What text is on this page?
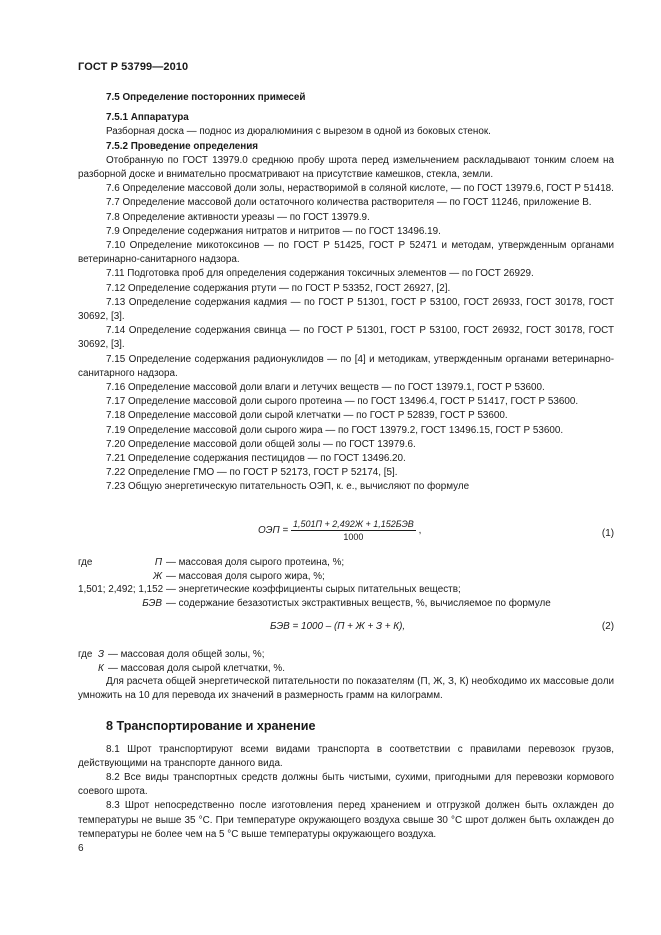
ГОСТ Р 53799—2010

7.5 Определение посторонних примесей

7.5.1 Аппаратура

Разборная доска — поднос из дюралюминия с вырезом в одной из боковых стенок.

7.5.2 Проведение определения

Отобранную по ГОСТ 13979.0 среднюю пробу шрота перед измельчением раскладывают тонким слоем на разборной доске и внимательно просматривают на присутствие камешков, стекла, земли.

7.6 Определение массовой доли золы, нерастворимой в соляной кислоте, — по ГОСТ 13979.6, ГОСТ Р 51418.

7.7 Определение массовой доли остаточного количества растворителя — по ГОСТ 11246, приложение В.

7.8 Определение активности уреазы — по ГОСТ 13979.9.

7.9 Определение содержания нитратов и нитритов — по ГОСТ 13496.19.

7.10 Определение микотоксинов — по ГОСТ Р 51425, ГОСТ Р 52471 и методам, утвержденным органами ветеринарно-санитарного надзора.

7.11 Подготовка проб для определения содержания токсичных элементов — по ГОСТ 26929.

7.12 Определение содержания ртути — по ГОСТ Р 53352, ГОСТ 26927, [2].

7.13 Определение содержания кадмия — по ГОСТ Р 51301, ГОСТ Р 53100, ГОСТ 26933, ГОСТ 30178, ГОСТ 30692, [3].

7.14 Определение содержания свинца — по ГОСТ Р 51301, ГОСТ Р 53100, ГОСТ 26932, ГОСТ 30178, ГОСТ 30692, [3].

7.15 Определение содержания радионуклидов — по [4] и методикам, утвержденным органами ветеринарно-санитарного надзора.

7.16 Определение массовой доли влаги и летучих веществ — по ГОСТ 13979.1, ГОСТ Р 53600.

7.17 Определение массовой доли сырого протеина — по ГОСТ 13496.4, ГОСТ Р 51417, ГОСТ Р 53600.

7.18 Определение массовой доли сырой клетчатки — по ГОСТ Р 52839, ГОСТ Р 53600.

7.19 Определение массовой доли сырого жира — по ГОСТ 13979.2, ГОСТ 13496.15, ГОСТ Р 53600.

7.20 Определение массовой доли общей золы — по ГОСТ 13979.6.

7.21 Определение содержания пестицидов — по ГОСТ 13496.20.

7.22 Определение ГМО — по ГОСТ Р 52173, ГОСТ Р 52174, [5].

7.23 Общую энергетическую питательность ОЭП, к. е., вычисляют по формуле

ОЭП = $\frac{\text{1,501П + 2,492Ж + 1,152БЭВ}}{1000}$ ,	(1)
где	П — массовая доля сырого протеина, %;
Ж — массовая доля сырого жира, %;
1,501; 2,492; 1,152 — энергетические коэффициенты сырых питательных веществ;
БЭВ — содержание безазотистых экстрактивных веществ, %, вычисляемое по формуле
БЭВ = 1000 – (П + Ж + З + К),	(2)
где З — массовая доля общей золы, %;
К — массовая доля сырой клетчатки, %.

Для расчета общей энергетической питательности по показателям (П, Ж, З, К) необходимо их массовые доли умножить на 10 для перевода их значений в размерность грамм на килограмм.

8 Транспортирование и хранение

8.1 Шрот транспортируют всеми видами транспорта в соответствии с правилами перевозок грузов, действующими на транспорте данного вида.

8.2 Все виды транспортных средств должны быть чистыми, сухими, пригодными для перевозки кормового соевого шрота.

8.3 Шрот непосредственно после изготовления перед хранением и отгрузкой должен быть охлажден до температуры не выше 35 °С. При температуре окружающего воздуха свыше 30 °С шрот должен быть охлажден до температуры не более чем на 5 °С выше температуры окружающего воздуха.

6
